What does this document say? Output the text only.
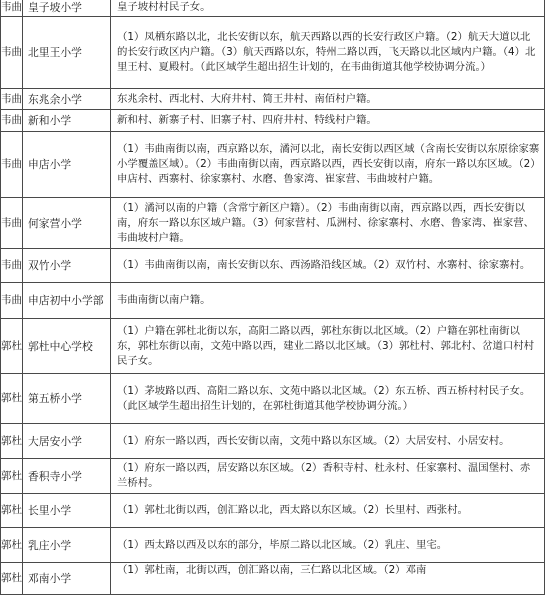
韦曲	皇子坡小学	皇子坡村村民子女。
韦曲	北里王小学	（1）凤栖东路以北，北长安街以东，航天西路以西的长安行政区户籍。（2）航天大道以北的长安行政区内户籍。（3）航天西路以东，特州二路以西，飞天路以北区域内户籍。（4）北里王村、夏殿村。（此区域学生超出招生计划的，在韦曲街道其他学校协调分流。）
韦曲	东兆余小学	东兆余村、西北村、大府井村、简王井村、南佰村户籍。
韦曲	新和小学	新和村、新寨子村、旧寨子村、四府井村、特线村户籍。
韦曲	申店小学	（1）韦曲南街以南，西京路以东，潏河以北，南长安街以西区域（含南长安街以东原徐家寨小学覆盖区域）。（2）韦曲南街以南，西京路以西，西长安街以南，府东一路以东区域。（2）申店村、西寨村、徐家寨村、水磨、鲁家湾、崔家营、韦曲坡村户籍。
韦曲	何家营小学	（1）潏河以南的户籍（含常宁新区户籍）。（2）韦曲南街以南，西京路以西，西长安街以南，府东一路以东区域户籍。（3）何家营村、瓜洲村、徐家寨村、水磨、鲁家湾、崔家营、韦曲坡村户籍。
韦曲	双竹小学	（1）韦曲南街以南，南长安街以东、西汤路沿线区域。（2）双竹村、水寨村、徐家寨村。
韦曲	申店初中小学部	韦曲南街以南户籍。
郭杜	郭杜中心学校	（1）户籍在郭杜北街以东，高阳二路以西，郭杜东街以北区域。（2）户籍在郭杜南街以东，郭杜东街以南，文苑中路以西，建业二路以北区域。（3）郭杜村、郭北村、岔道口村村民子女。
郭杜	第五桥小学	（1）茅坡路以西、高阳二路以东、文苑中路以北区域。（2）东五桥、西五桥村村民子女。（此区域学生超出招生计划的，在郭杜街道其他学校协调分流。）
郭杜	大居安小学	（1）府东一路以西，西长安街以南，文苑中路以东区域。（2）大居安村、小居安村。
郭杜	香积寺小学	（1）府东一路以西，居安路以东区域。（2）香积寺村、杜永村、任家寨村、温国堡村、赤兰桥村。
郭杜	长里小学	（1）郭杜北街以西，创汇路以北，西太路以东区域。（2）长里村、西张村。
郭杜	乳庄小学	（1）西太路以西及以东的部分，毕原二路以北区域。（2）乳庄、里宅。
郭杜	邓南小学	（1）郭杜南，北街以西，创汇路以南，三仁路以北区域。（2）邓南
